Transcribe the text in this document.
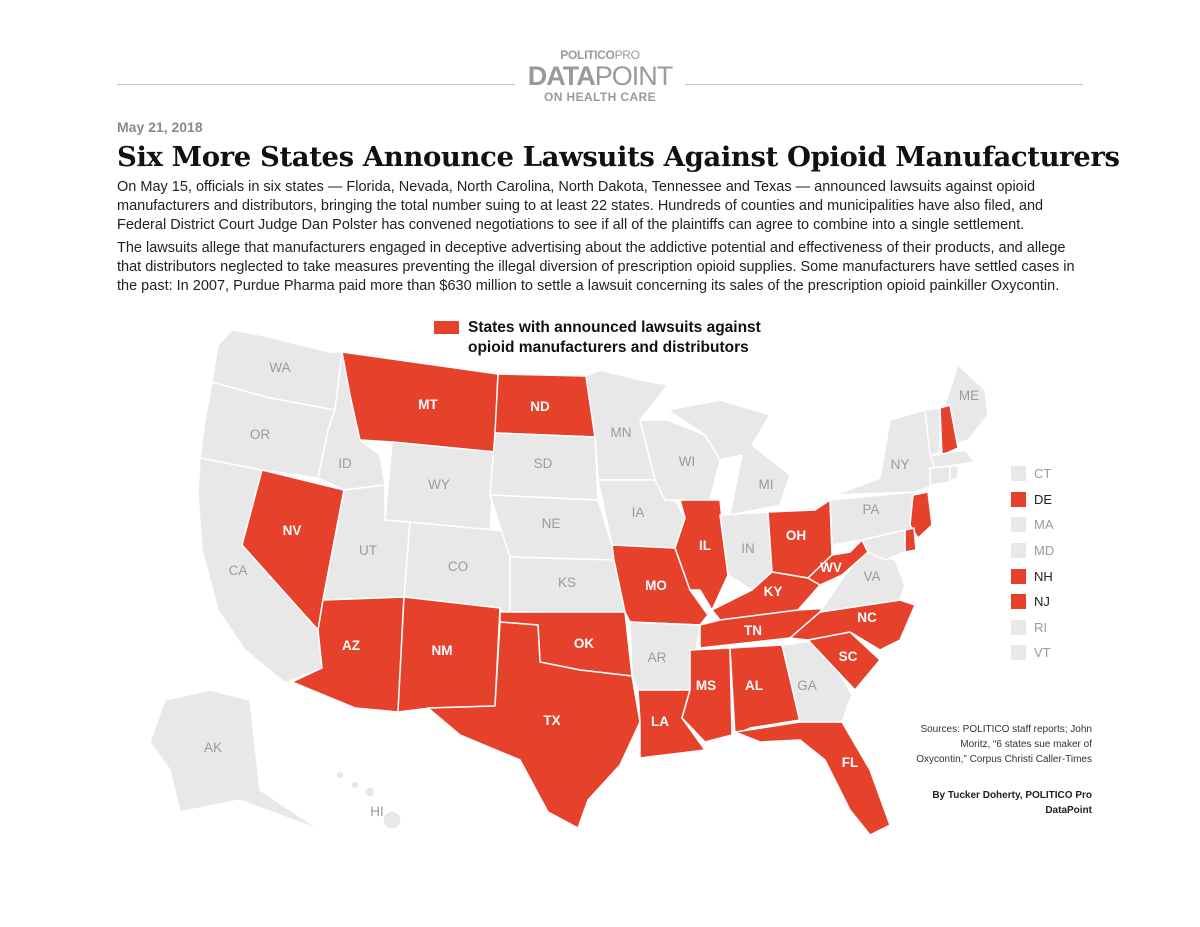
POLITICOPRO
DATAPOINT
ON HEALTH CARE
May 21, 2018
Six More States Announce Lawsuits Against Opioid Manufacturers

On May 15, officials in six states — Florida, Nevada, North Carolina, North Dakota, Tennessee and Texas — announced lawsuits against opioid manufacturers and distributors, bringing the total number suing to at least 22 states. Hundreds of counties and municipalities have also filed, and Federal District Court Judge Dan Polster has convened negotiations to see if all of the plaintiffs can agree to combine into a single settlement.

The lawsuits allege that manufacturers engaged in deceptive advertising about the addictive potential and effectiveness of their products, and allege that distributors neglected to take measures preventing the illegal diversion of prescription opioid supplies. Some manufacturers have settled cases in the past: In 2007, Purdue Pharma paid more than $630 million to settle a lawsuit concerning its sales of the prescription opioid painkiller Oxycontin.

WA
OR
CA
ID
MT
WY
NV
UT
CO
AZ	NM
ND
SD
NE
KS
OK
TX
MN
IA
MO
AR
LA
WI
IL
MI
IN
OH
KY
TN
MS AL	GA
FL
SC
NC
VA
WV
PA
NY
ME
AK
HI
States with announced lawsuits against opioid manufacturers and distributors
CT
DE
MA
MD
NH
NJ
RI
VT
Sources: POLITICO staff reports; John Moritz, “6 states sue maker of Oxycontin,” Corpus Christi Caller-Times
By Tucker Doherty, POLITICO Pro DataPoint
